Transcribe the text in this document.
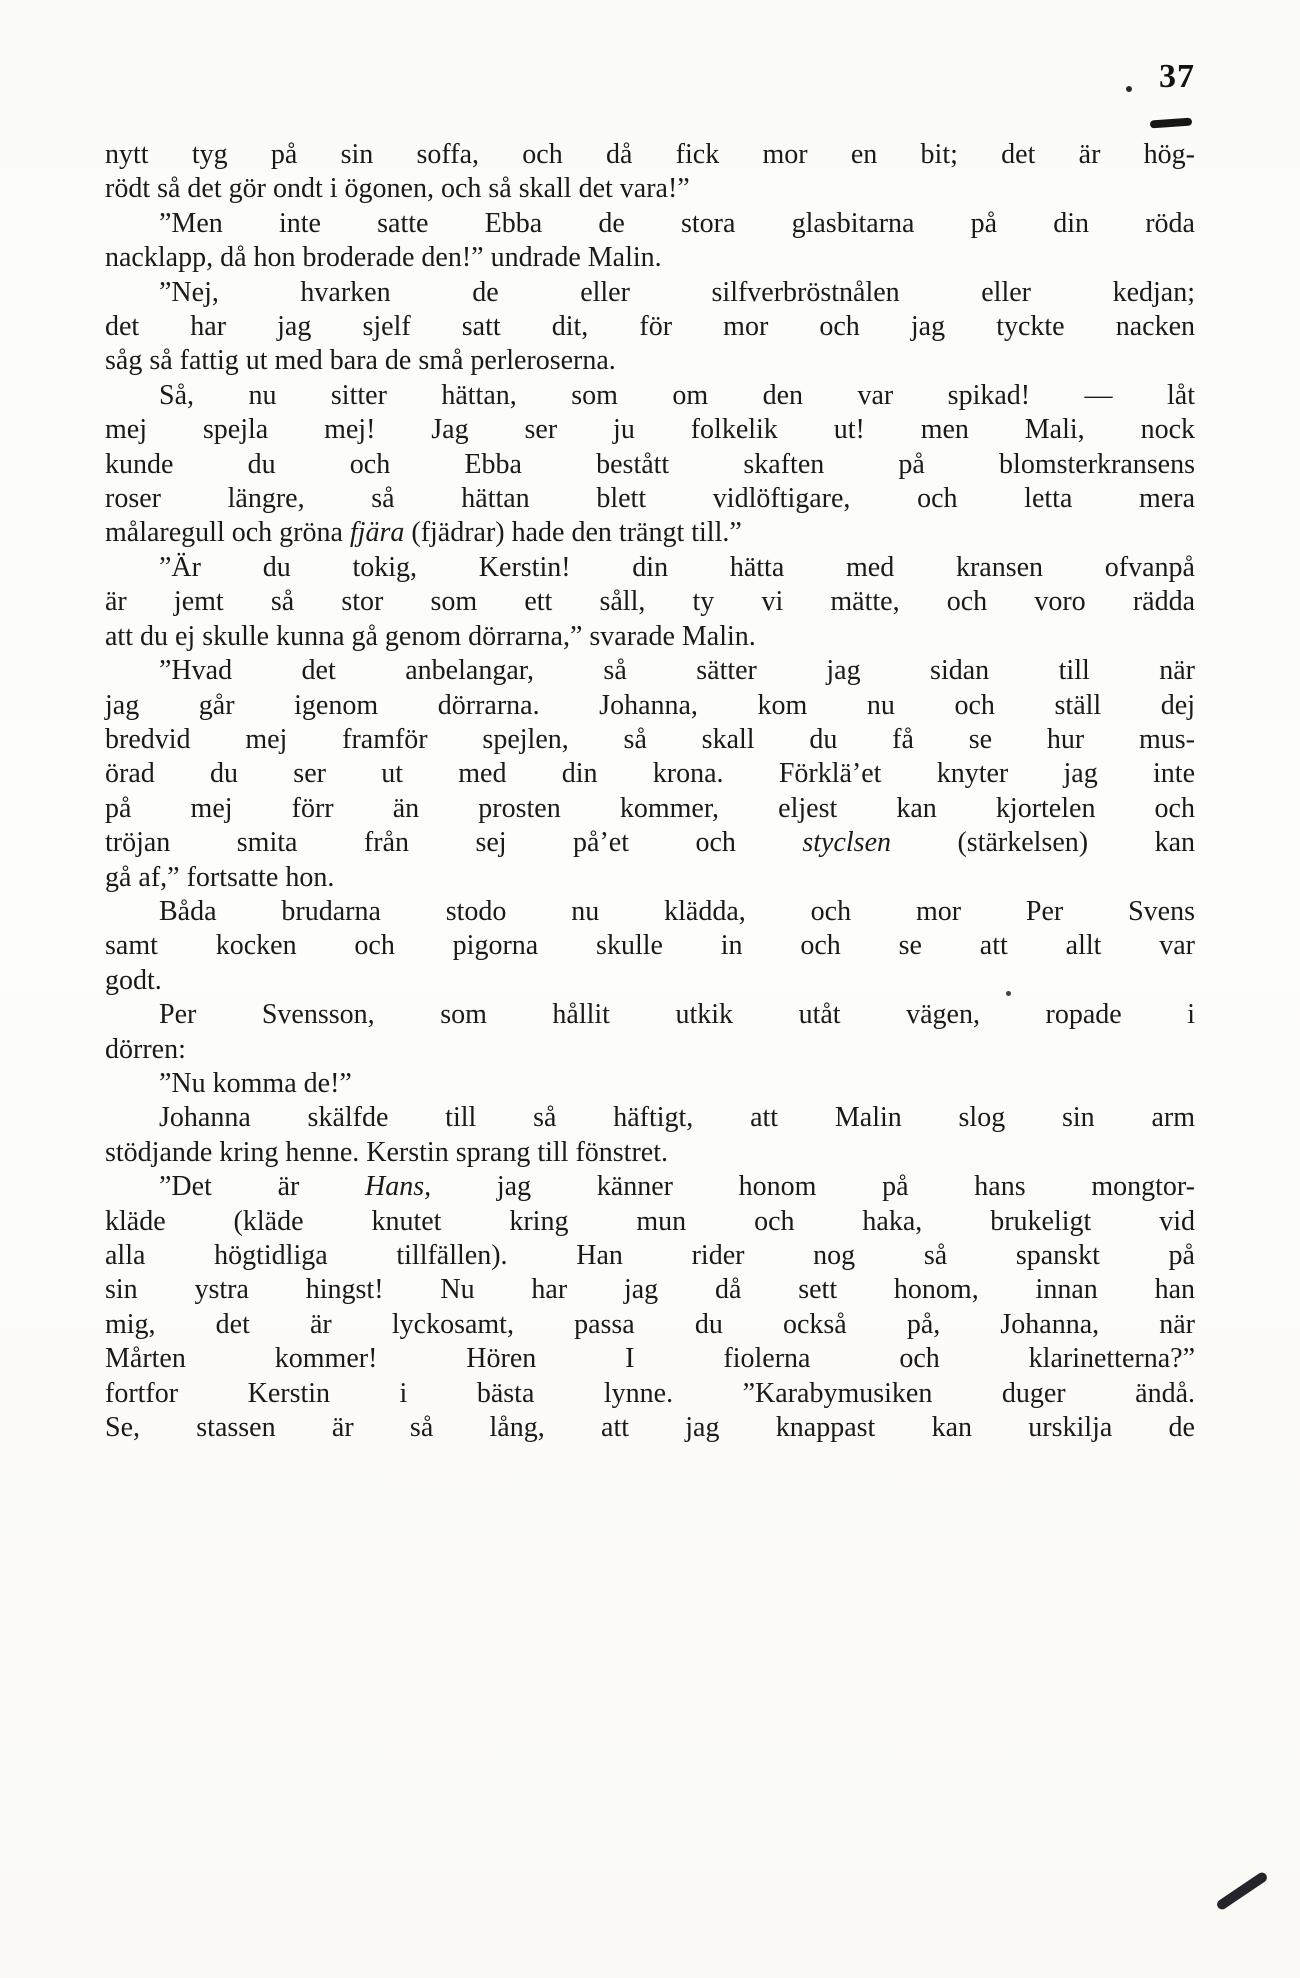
37
nytt tyg på sin soffa, och då fick mor en bit; det är hög-
rödt så det gör ondt i ögonen, och så skall det vara!”
”Men inte satte Ebba de stora glasbitarna på din röda
nacklapp, då hon broderade den!” undrade Malin.
”Nej, hvarken de eller silfverbröstnålen eller kedjan;
det har jag sjelf satt dit, för mor och jag tyckte nacken
såg så fattig ut med bara de små perleroserna.
Så, nu sitter hättan, som om den var spikad! — låt
mej spejla mej! Jag ser ju folkelik ut! men Mali, nock
kunde du och Ebba bestått skaften på blomsterkransens
roser längre, så hättan blett vidlöftigare, och letta mera
målaregull och gröna fjära (fjädrar) hade den trängt till.”
”Är du tokig, Kerstin! din hätta med kransen ofvanpå
är jemt så stor som ett såll, ty vi mätte, och voro rädda
att du ej skulle kunna gå genom dörrarna,” svarade Malin.
”Hvad det anbelangar, så sätter jag sidan till när
jag går igenom dörrarna. Johanna, kom nu och ställ dej
bredvid mej framför spejlen, så skall du få se hur mus-
örad du ser ut med din krona. Förklä’et knyter jag inte
på mej förr än prosten kommer, eljest kan kjortelen och
tröjan smita från sej på’et och styclsen (stärkelsen) kan
gå af,” fortsatte hon.
Båda brudarna stodo nu klädda, och mor Per Svens
samt kocken och pigorna skulle in och se att allt var
godt.
Per Svensson, som hållit utkik utåt vägen, ropade i
dörren:
”Nu komma de!”
Johanna skälfde till så häftigt, att Malin slog sin arm
stödjande kring henne. Kerstin sprang till fönstret.
”Det är Hans, jag känner honom på hans mongtor-
kläde (kläde knutet kring mun och haka, brukeligt vid
alla högtidliga tillfällen). Han rider nog så spanskt på
sin ystra hingst! Nu har jag då sett honom, innan han
mig, det är lyckosamt, passa du också på, Johanna, när
Mårten kommer! Hören I fiolerna och klarinetterna?”
fortfor Kerstin i bästa lynne. ”Karabymusiken duger ändå.
Se, stassen är så lång, att jag knappast kan urskilja de
